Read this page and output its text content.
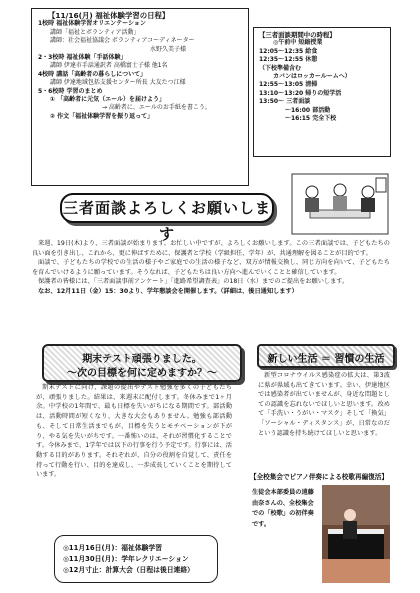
【11/16(月) 福祉体験学習の日程】
1校時 福祉体験学習オリエンテーション
講師「福祉とボランティア活動」
講師：社会福祉協議会 ボランティアコーディネーター
水野久美子様
2・3校時 福祉体験「手話体験」
講師 伊達市手話通訳者 高橋富士子様 他1名
4校時 講話「高齢者の暮らしについて」
講師 伊達地域包括支援センター所長 大友たつ江様
5・6校時 学習のまとめ
① 「高齢者に元気（エール）を届けよう」
→ 高齢者に、エールのお手紙を書こう。
② 作文「福祉体験学習を振り返って」
【三者面談期間中の時程】
◎午前中 短縮授業
12:05～12:35 給食
12:35～12:55 休憩
（下校準備含む
カバンはロッカールームへ）
12:55～13:05 清掃
13:10～13:20 帰りの短学活
13:50～ 三者面談
～16:00 部活動
～16:15 完全下校
三者面談よろしくお願いします
来週、19日(木)より、三者面談が始まります。お忙しい中ですが、よろしくお願いします。この三者面談では、子どもたちの良い面を引き出し、これから、更に伸ばすために、保護者と学校（学級担任、学年）が、共通理解を図ることが目的です。
面談で、子どもたちの学校での生活の様子やご家庭での生活の様子など、双方が情報交換し、同じ方向を向いて、子どもたちを育んでいけるように願っています。そうなれば、子どもたちは良い方向へ進んでいくことと確信しています。
保護者の皆様には、「三者面談事前アンケート」「進路希望調査表」の18日（水）までのご提出をお願いします。
なお、12月11日（金）15：30より、学年懇談会を開催します。（詳細は、後日通知します）
期末テスト頑張りました。
～次の目標を何に定めますか？～
期末テストに向け、課題の提出やテスト勉強を多くの子どもたちが、頑張りました。結果は、来週末に配付します。冬休みまで1ヶ月余。中学校の1年間で、最も日標を失いがちになる期間です。部活動は、活動時間が短くなり、大きな大会もありません。勉強も部活動も、そして日常生活までもが、目標を失うとモチベーションが下がり、やる気を失いがちです。一番怖いのは、それが習慣化することです。今休みまで、1学年では以下の行事を行う予定です。行事には、活動する目的があります。それぞれが、自分の役割を自覚して、責任を持って行動を行い、目的を達成し、一歩成長していくことを期待しています。
◎11月16日(月)：福祉体験学習
◎11月30日(月)：学年レクリエーション
◎12月寸止：計算大会（日程は後日連絡）
新しい生活 ＝ 習慣の生活
新型コロナウイルス感染症の拡大は、第3波に県が県域も出てきています。幸い、伊達地区では感染者が出ていませんが、身近な問題としての認識を忘れないでほしいと思います。改めて「手洗い・うがい・マスク」そして「換気」「ソーシャル・ディスタンス」が、日常なのだという認識を持ち続けてほしいと思います。
【全校集会でピアノ伴奏による校歌再編復活】
生徒会本部委員の遠藤由奈さんの、全校集会での「校歌」の初伴奏です。
